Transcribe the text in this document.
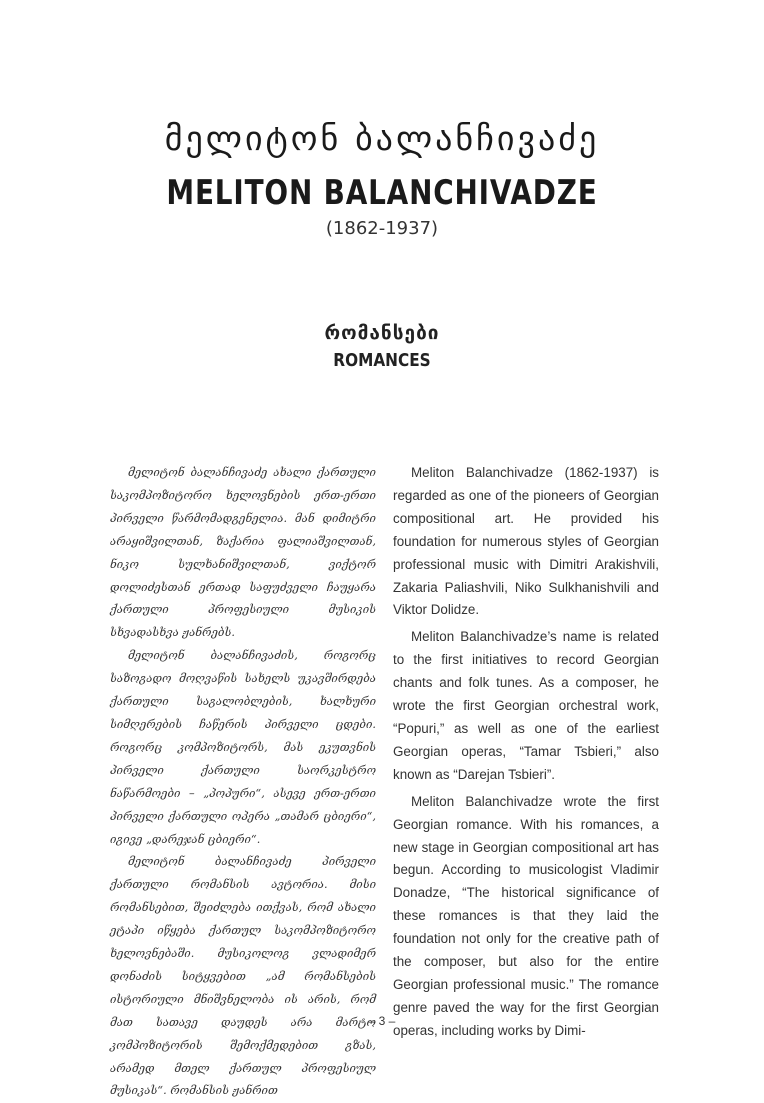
მელიტონ ბალანჩივაძე
MELITON BALANCHIVADZE
(1862-1937)
რომანსები
ROMANCES

მელიტონ ბალანჩივაძე ახალი ქართული საკომპოზიტორო ხელოვნების ერთ-ერთი პირველი წარმომადგენელია. მან დიმიტრი არაყიშვილთან, ზაქარია ფალიაშვილთან, ნიკო სულხანიშვილთან, ვიქტორ დოლიძესთან ერთად საფუძველი ჩაუყარა ქართული პროფესიული მუსიკის სხვადასხვა ჟანრებს.

მელიტონ ბალანჩივაძის, როგორც საზოგადო მოღვაწის სახელს უკავშირდება ქართული საგალობლების, ხალხური სიმღერების ჩაწერის პირველი ცდები. როგორც კომპოზიტორს, მას ეკუთვნის პირველი ქართული საორკესტრო ნაწარმოები – „პოპური“, ასევე ერთ-ერთი პირველი ქართული ოპერა „თამარ ცბიერი“, იგივე „დარეჯან ცბიერი“.

მელიტონ ბალანჩივაძე პირველი ქართული რომანსის ავტორია. მისი რომანსებით, შეიძლება ითქვას, რომ ახალი ეტაპი იწყება ქართულ საკომპოზიტორო ხელოვნებაში. მუსიკოლოგ ვლადიმერ დონაძის სიტყვებით „ამ რომანსების ისტორიული მნიშვნელობა ის არის, რომ მათ სათავე დაუდეს არა მარტო კომპოზიტორის შემოქმედებით გზას, არამედ მთელ ქართულ პროფესიულ მუსიკას“. რომანსის ჟანრით

Meliton Balanchivadze (1862-1937) is regarded as one of the pioneers of Georgian compositional art. He provided his foundation for numerous styles of Georgian professional music with Dimitri Arakishvili, Zakaria Paliashvili, Niko Sulkhanishvili and Viktor Dolidze.

Meliton Balanchivadze’s name is related to the first initiatives to record Georgian chants and folk tunes. As a composer, he wrote the first Georgian orchestral work, “Popuri,” as well as one of the earliest Georgian operas, “Tamar Tsbieri,” also known as “Darejan Tsbieri”.

Meliton Balanchivadze wrote the first Georgian romance. With his romances, a new stage in Georgian compositional art has begun. According to musicologist Vladimir Donadze, “The historical significance of these romances is that they laid the foundation not only for the creative path of the composer, but also for the entire Georgian professional music.” The romance genre paved the way for the first Georgian operas, including works by Dimi-

– 3 –
